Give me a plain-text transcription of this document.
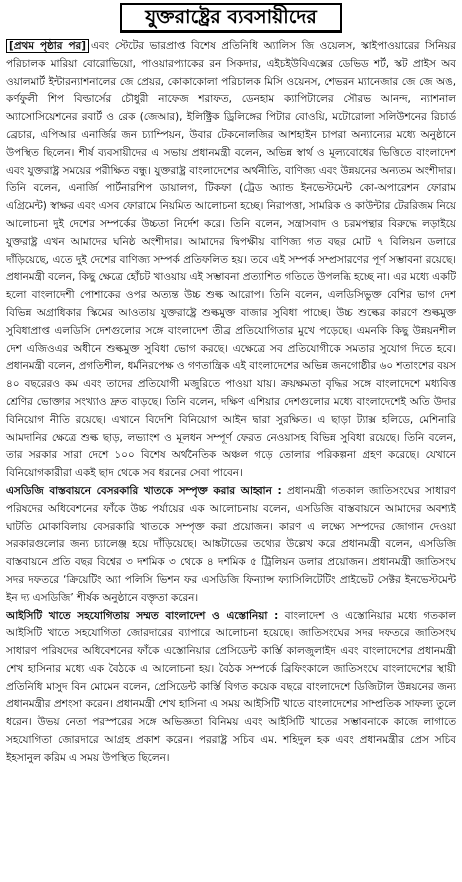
যুক্তরাষ্ট্রের ব্যবসায়ীদের

[প্রথম পৃষ্ঠার পর] এবং স্টেটের ভারপ্রাপ্ত বিশেষ প্রতিনিধি অ্যালিস জি ওয়েলস, স্কাইপাওয়ারের সিনিয়র পরিচালক মারিয়া বোরোভিয়ো, পাওয়ারপ্যাকের রন সিকদার, এইচইউবিএক্সের ডেভিড শর্ট, স্কট প্রাইস অব ওয়ালমার্ট ইন্টারন্যাশনালের জে প্রেয়র, কোকাকোলা পরিচালক মিসি ওয়েনস, শেভরন ম্যানেজার জে জে অঙ, কর্ণফুলী শিপ বিল্ডার্সের চৌধুরী নাফেজ শরাফত, ডেনহাম ক্যাপিটালের সৌরভ আনন্দ, ন্যাশনাল অ্যাসোসিয়েশনের রবার্ট ও রেক (জেআর), ইলিক্ট্রিক ড্রিলিঙ্গের পিটার বোওয়ি, মটোরোলা সলিউশনের রিচার্ড ব্রেচার, এপিআর এনার্জির জন চ্যাম্পিয়ন, উবার টেকনোলজির আশহাইন চাপরা অন্যান্যের মধ্যে অনুষ্ঠানে উপস্থিত ছিলেন। শীর্ষ ব্যবসায়ীদের এ সভায় প্রধানমন্ত্রী বলেন, অভিন্ন স্বার্থ ও মূল্যবোধের ভিত্তিতে বাংলাদেশ এবং যুক্তরাষ্ট্র সময়ের পরীক্ষিত বন্ধু। যুক্তরাষ্ট্র বাংলাদেশের অর্থনীতি, বাণিজ্য এবং উন্নয়নের অন্যতম অংশীদার। তিনি বলেন, এনার্জি পার্টনারশিপ ডায়ালগ, টিকফা (ট্রেড অ্যান্ড ইনভেস্টমেন্ট কো-অপারেশন ফোরাম এগ্রিমেন্ট) স্বাক্ষর এবং এসব ফোরামে নিয়মিত আলোচনা হচ্ছে। নিরাপত্তা, সামরিক ও কাউন্টার টেররিজম নিয়ে আলোচনা দুই দেশের সম্পর্কের উচ্চতা নির্দেশ করে। তিনি বলেন, সন্ত্রাসবাদ ও চরমপন্থার বিরুদ্ধে লড়াইয়ে যুক্তরাষ্ট্র এখন আমাদের ঘনিষ্ঠ অংশীদার। আমাদের দ্বিপক্ষীয় বাণিজ্য গত বছর মোট ৭ বিলিয়ন ডলারে দাঁড়িয়েছে, এতে দুই দেশের বাণিজ্য সম্পর্ক প্রতিফলিত হয়। তবে এই সম্পর্ক সম্প্রসারণের পূর্ণ সম্ভাবনা রয়েছে। প্রধানমন্ত্রী বলেন, কিছু ক্ষেত্রে হোঁচট খাওয়ায় এই সম্ভাবনা প্রত্যাশিত গতিতে উপলব্ধি হচ্ছে না। এর মধ্যে একটি হলো বাংলাদেশী পোশাকের ওপর অত্যন্ত উচ্চ শুল্ক আরোপ। তিনি বলেন, এলডিসিভুক্ত বেশির ভাগ দেশ বিভিন্ন অগ্রাধিকার স্কিমের আওতায় যুক্তরাষ্ট্রে শুল্কমুক্ত বাজার সুবিধা পাচ্ছে। উচ্চ শুল্কের কারণে শুল্কমুক্ত সুবিধাপ্রাপ্ত এলডিসি দেশগুলোর সঙ্গে বাংলাদেশ তীব্র প্রতিযোগিতার মুখে পড়েছে। এমনকি কিছু উন্নয়নশীল দেশ এজিওএর অধীনে শুল্কমুক্ত সুবিধা ভোগ করছে। এক্ষেত্রে সব প্রতিযোগীকে সমতার সুযোগ দিতে হবে। প্রধানমন্ত্রী বলেন, প্রগতিশীল, ধর্মনিরপেক্ষ ও গণতান্ত্রিক এই বাংলাদেশের অভিন্ন জনগোষ্ঠীর ৬০ শতাংশের বয়স ৪০ বছরেরও কম এবং তাদের প্রতিযোগী মজুরিতে পাওয়া যায়। ক্রয়ক্ষমতা বৃদ্ধির সঙ্গে বাংলাদেশে মধ্যবিত্ত শ্রেণির ভোক্তার সংখ্যাও দ্রুত বাড়ছে। তিনি বলেন, দক্ষিণ এশিয়ার দেশগুলোর মধ্যে বাংলাদেশেই অতি উদার বিনিয়োগ নীতি রয়েছে। এখানে বিদেশি বিনিয়োগ আইন দ্বারা সুরক্ষিত। এ ছাড়া ট্যাক্স হলিডে, মেশিনারি আমদানির ক্ষেত্রে শুল্ক ছাড়, লভ্যাংশ ও মূলধন সম্পূর্ণ ফেরত নেওয়াসহ বিভিন্ন সুবিধা রয়েছে। তিনি বলেন, তার সরকার সারা দেশে ১০০ বিশেষ অর্থনৈতিক অঞ্চল গড়ে তোলার পরিকল্পনা গ্রহণ করেছে। যেখানে বিনিয়োগকারীরা একই ছাদ থেকে সব ধরনের সেবা পাবেন।

এসডিজি বাস্তবায়নে বেসরকারি খাতকে সম্পৃক্ত করার আহ্বান : প্রধানমন্ত্রী গতকাল জাতিসংঘের সাধারণ পরিষদের অধিবেশনের ফাঁকে উচ্চ পর্যায়ের এক আলোচনায় বলেন, এসডিজি বাস্তবায়নে আমাদের অবশ্যই ঘাটতি মোকাবিলায় বেসরকারি খাতকে সম্পৃক্ত করা প্রয়োজন। কারণ এ লক্ষ্যে সম্পদের জোগান দেওয়া সরকারগুলোর জন্য চ্যালেঞ্জ হয়ে দাঁড়িয়েছে। আঙ্কটাডের তথ্যের উল্লেখ করে প্রধানমন্ত্রী বলেন, এসডিজি বাস্তবায়নে প্রতি বছর বিশ্বের ৩ দশমিক ৩ থেকে ৪ দশমিক ৫ ট্রিলিয়ন ডলার প্রয়োজন। প্রধানমন্ত্রী জাতিসংঘ সদর দফতরে ‘ক্রিয়েটিং অ্যা পলিসি ভিশন ফর এসডিজি ফিন্যান্স ফ্যাসিলিটেটিং প্রাইভেট সেক্টর ইনভেস্টমেন্ট ইন দ্য এসডিজি’ শীর্ষক অনুষ্ঠানে বক্তৃতা করেন।

আইসিটি খাতে সহযোগিতায় সম্মত বাংলাদেশ ও এস্তোনিয়া : বাংলাদেশ ও এস্তোনিয়ার মধ্যে গতকাল আইসিটি খাতে সহযোগিতা জোরদারের ব্যাপারে আলোচনা হয়েছে। জাতিসংঘের সদর দফতরে জাতিসংঘ সাধারণ পরিষদের অধিবেশনের ফাঁকে এস্তোনিয়ার প্রেসিডেন্ট কার্স্তি কালজুলাইদ এবং বাংলাদেশের প্রধানমন্ত্রী শেখ হাসিনার মধ্যে এক বৈঠকে এ আলোচনা হয়। বৈঠক সম্পর্কে ব্রিফিংকালে জাতিসংঘে বাংলাদেশের স্থায়ী প্রতিনিধি মাসুদ বিন মোমেন বলেন, প্রেসিডেন্ট কার্স্তি বিগত কয়েক বছরে বাংলাদেশে ডিজিটাল উন্নয়নের জন্য প্রধানমন্ত্রীর প্রশংসা করেন। প্রধানমন্ত্রী শেখ হাসিনা এ সময় আইসিটি খাতে বাংলাদেশের সাম্প্রতিক সাফল্য তুলে ধরেন। উভয় নেতা পরস্পরের সঙ্গে অভিজ্ঞতা বিনিময় এবং আইসিটি খাতের সম্ভাবনাকে কাজে লাগাতে সহযোগিতা জোরদারে আগ্রহ প্রকাশ করেন। পররাষ্ট্র সচিব এম. শহিদুল হক এবং প্রধানমন্ত্রীর প্রেস সচিব ইহসানুল করিম এ সময় উপস্থিত ছিলেন।
